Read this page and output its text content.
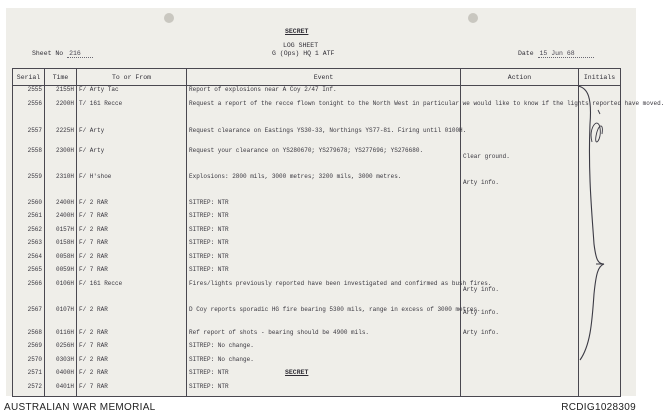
SECRET
LOG SHEET
G (Ops) HQ 1 ATF
Sheet No 216	Date 15 Jun 68
Serial	Time	To or From	Event	Action	Initials
2555	2155H	F/ Arty Tac	Report of explosions near A Coy 2/47 Inf.		
2556	2200H	T/ 161 Recce	Request a report of the recce flown tonight to the North West in particular we would like to know if the lights reported have moved.		
2557	2225H	F/ Arty	Request clearance on Eastings YS30-33, Northings YS77-81. Firing until 0100H.		
2558	2300H	F/ Arty	Request your clearance on YS280670; YS279678; YS277696; YS276680.	Clear ground.	
2559	2310H	F/ H'shoe	Explosions: 2800 mils, 3000 metres; 3200 mils, 3000 metres.	Arty info.	
2560	2400H	F/ 2 RAR	SITREP: NTR		
2561	2400H	F/ 7 RAR	SITREP: NTR		
2562	0157H	F/ 2 RAR	SITREP: NTR		
2563	0158H	F/ 7 RAR	SITREP: NTR		
2564	0058H	F/ 2 RAR	SITREP: NTR		
2565	0059H	F/ 7 RAR	SITREP: NTR		
2566	0106H	F/ 161 Recce	Fires/lights previously reported have been investigated and confirmed as bush fires.	Arty info.	
2567	0107H	F/ 2 RAR	D Coy reports sporadic HG fire bearing 5300 mils, range in excess of 3000 metres.	Arty info.	
2568	0116H	F/ 2 RAR	Ref report of shots - bearing should be 4900 mils.	Arty info.	
2569	0256H	F/ 7 RAR	SITREP: No change.		
2570	0303H	F/ 2 RAR	SITREP: No change.		
2571	0400H	F/ 2 RAR	SITREP: NTR		
2572	0401H	F/ 7 RAR	SITREP: NTR		
SECRET
AUSTRALIAN WAR MEMORIAL	RCDIG1028309
